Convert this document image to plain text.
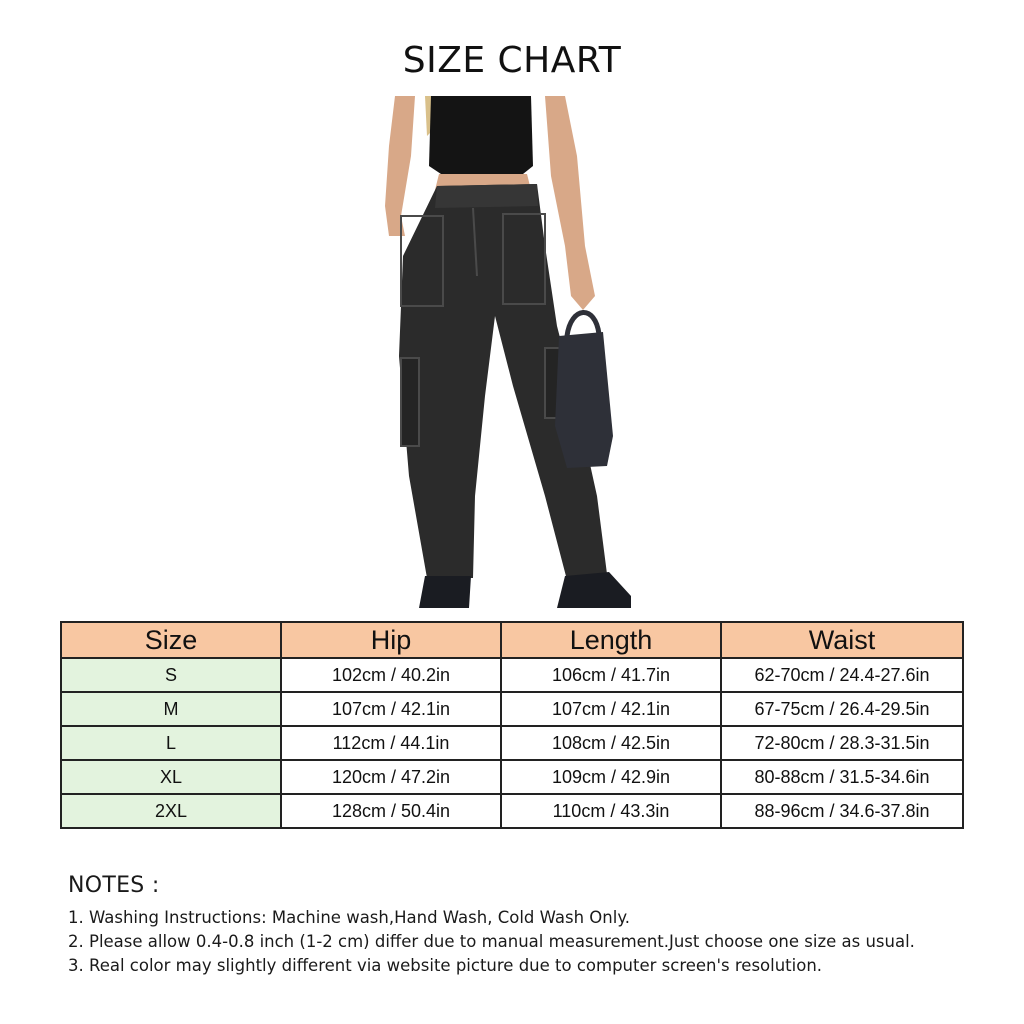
SIZE CHART
Size	Hip	Length	Waist
S	102cm / 40.2in	106cm / 41.7in	62-70cm / 24.4-27.6in
M	107cm / 42.1in	107cm / 42.1in	67-75cm / 26.4-29.5in
L	112cm / 44.1in	108cm / 42.5in	72-80cm / 28.3-31.5in
XL	120cm / 47.2in	109cm / 42.9in	80-88cm / 31.5-34.6in
2XL	128cm / 50.4in	110cm / 43.3in	88-96cm / 34.6-37.8in
NOTES :
1. Washing Instructions: Machine wash,Hand Wash, Cold Wash Only.
2. Please allow 0.4-0.8 inch (1-2 cm) differ due to manual measurement.Just choose one size as usual.
3. Real color may slightly different via website picture due to computer screen's resolution.
